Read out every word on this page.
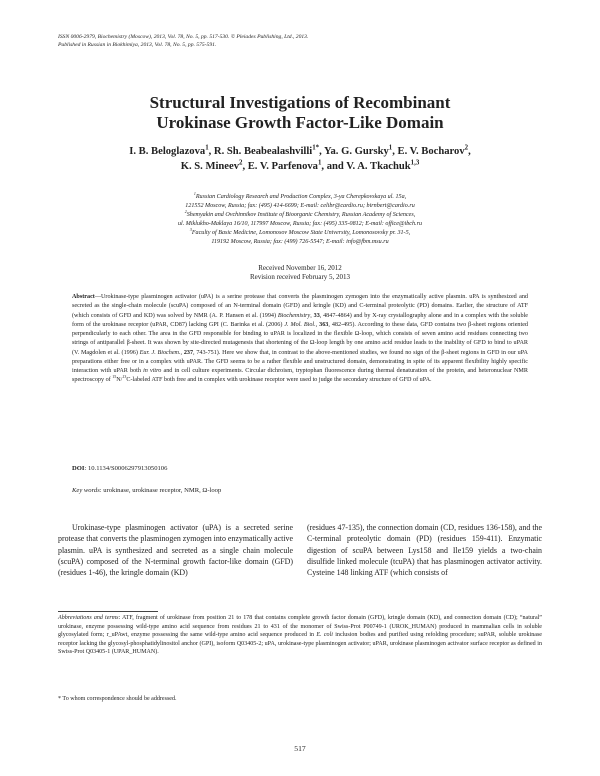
ISSN 0006-2979, Biochemistry (Moscow), 2013, Vol. 78, No. 5, pp. 517-530. © Pleiades Publishing, Ltd., 2013.
Published in Russian in Biokhimiya, 2013, Vol. 78, No. 5, pp. 575-591.
Structural Investigations of Recombinant
Urokinase Growth Factor-Like Domain
I. B. Beloglazova$^1$, R. Sh. Beabealashvilli$^{1*}$, Ya. G. Gursky$^1$, E. V. Bocharov$^2$,
K. S. Mineev$^2$, E. V. Parfenova$^1$, and V. A. Tkachuk$^{1,3}$
$^1$Russian Cardiology Research and Production Complex, 3-ya Cherepkovskaya ul. 15a,
121552 Moscow, Russia; fax: (495) 414-6699; E-mail: celibr@cardio.ru; birnbert@cardio.ru
$^2$Shemyakin and Ovchinnikov Institute of Bioorganic Chemistry, Russian Academy of Sciences,
ul. Miklukho-Maklaya 16/10, 117997 Moscow, Russia; fax: (495) 335-0812; E-mail: office@ibch.ru
$^3$Faculty of Basic Medicine, Lomonosov Moscow State University, Lomonosovsky pr. 31-5,
119192 Moscow, Russia; fax: (499) 726-5547; E-mail: info@fbm.msu.ru
Received November 16, 2012
Revision received February 5, 2013
Abstract—Urokinase-type plasminogen activator (uPA) is a serine protease that converts the plasminogen zymogen into the enzymatically active plasmin. uPA is synthesized and secreted as the single-chain molecule (scuPA) composed of an N-terminal domain (GFD) and kringle (KD) and C-terminal proteolytic (PD) domains. Earlier, the structure of ATF (which consists of GFD and KD) was solved by NMR (A. P. Hansen et al. (1994) Biochemistry, 33, 4847-4864) and by X-ray crystallography alone and in a complex with the soluble form of the urokinase receptor (uPAR, CD87) lacking GPI (C. Barinka et al. (2006) J. Mol. Biol., 363, 482-495). According to these data, GFD contains two β-sheet regions oriented perpendicularly to each other. The area in the GFD responsible for binding to uPAR is localized in the flexible Ω-loop, which consists of seven amino acid residues connecting two strings of antiparallel β-sheet. It was shown by site-directed mutagenesis that shortening of the Ω-loop length by one amino acid residue leads to the inability of GFD to bind to uPAR (V. Magdolen et al. (1996) Eur. J. Biochem., 237, 743-751). Here we show that, in contrast to the above-mentioned studies, we found no sign of the β-sheet regions in GFD in our uPA preparations either free or in a complex with uPAR. The GFD seems to be a rather flexible and unstructured domain, demonstrating in spite of its apparent flexibility highly specific interaction with uPAR both in vitro and in cell culture experiments. Circular dichroism, tryptophan fluorescence during thermal denaturation of the protein, and heteronuclear NMR spectroscopy of $^{15}$N/$^{13}$C-labeled ATF both free and in complex with urokinase receptor were used to judge the secondary structure of GFD of uPA.
DOI: 10.1134/S0006297913050106
Key words: urokinase, urokinase receptor, NMR, Ω-loop
Urokinase-type plasminogen activator (uPA) is a secreted serine protease that converts the plasminogen zymogen into enzymatically active plasmin. uPA is synthesized and secreted as a single chain molecule (scuPA) composed of the N-terminal growth factor-like domain (GFD) (residues 1-46), the kringle domain (KD)
(residues 47-135), the connection domain (CD, residues 136-158), and the C-terminal proteolytic domain (PD) (residues 159-411). Enzymatic digestion of scuPA between Lys158 and Ile159 yields a two-chain disulfide linked molecule (tcuPA) that has plasminogen activator activity. Cysteine 148 linking ATF (which consists of
Abbreviations and terms: ATF, fragment of urokinase from position 21 to 178 that contains complete growth factor domain (GFD), kringle domain (KD), and connection domain (CD); “natural” urokinase, enzyme possessing wild-type amino acid sequence from residues 21 to 431 of the monomer of Swiss-Prot P00749-1 (UROK_HUMAN) produced in mammalian cells in soluble glycosylated form; r_uPAwt, enzyme possessing the same wild-type amino acid sequence produced in E. coli inclusion bodies and purified using refolding procedure; suPAR, soluble urokinase receptor lacking the glycosyl-phosphatidylinositol anchor (GPI), isoform Q03405-2; uPA, urokinase-type plasminogen activator; uPAR, urokinase plasminogen activator surface receptor as defined in Swiss-Prot Q03405-1 (UPAR_HUMAN).
* To whom correspondence should be addressed.
517
